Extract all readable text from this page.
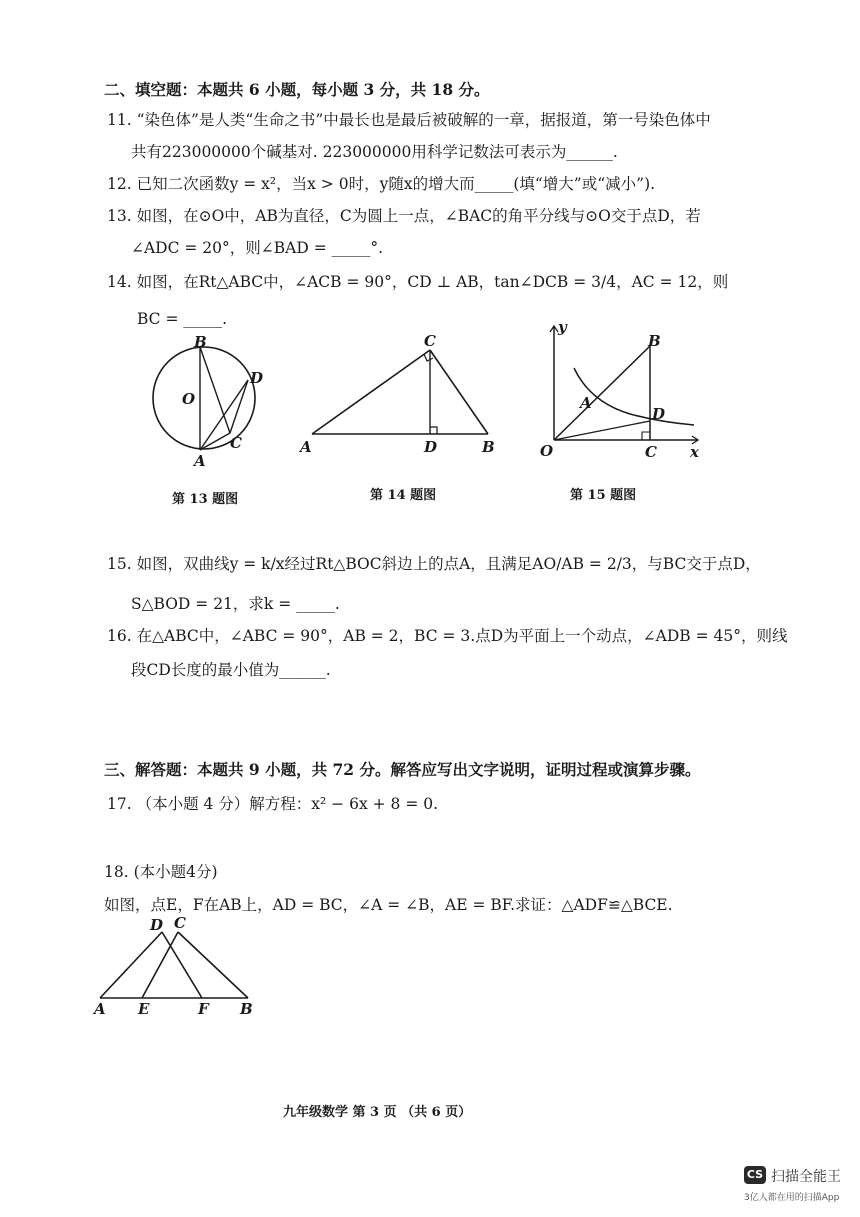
二、填空题：本题共 6 小题，每小题 3 分，共 18 分。
11. “染色体”是人类“生命之书”中最长也是最后被破解的一章，据报道，第一号染色体中
共有223000000个碱基对. 223000000用科学记数法可表示为______.
12. 已知二次函数y = x²，当x > 0时，y随x的增大而_____(填“增大”或“减小”).
13. 如图，在⊙O中，AB为直径，C为圆上一点，∠BAC的角平分线与⊙O交于点D，若
∠ADC = 20°，则∠BAD = _____°.
14. 如图，在Rt△ABC中，∠ACB = 90°，CD ⊥ AB，tan∠DCB = 3/4，AC = 12，则
BC = _____.
B
O
D
C
A
第 13 题图
C
A	D	B
第 14 题图
y
B
A
D
O	C x
第 15 题图
15. 如图，双曲线y = k/x经过Rt△BOC斜边上的点A，且满足AO/AB = 2/3，与BC交于点D，
S△BOD = 21，求k = _____.
16. 在△ABC中，∠ABC = 90°，AB = 2，BC = 3.点D为平面上一个动点，∠ADB = 45°，则线
段CD长度的最小值为______.
三、解答题：本题共 9 小题，共 72 分。解答应写出文字说明，证明过程或演算步骤。
17. （本小题 4 分）解方程：x² − 6x + 8 = 0.
18. (本小题4分)
如图，点E，F在AB上，AD = BC，∠A = ∠B，AE = BF.求证：△ADF≌△BCE.
D C
A E	F B
九年级数学 第 3 页 （共 6 页）
CS 扫描全能王
3亿人都在用的扫描App
